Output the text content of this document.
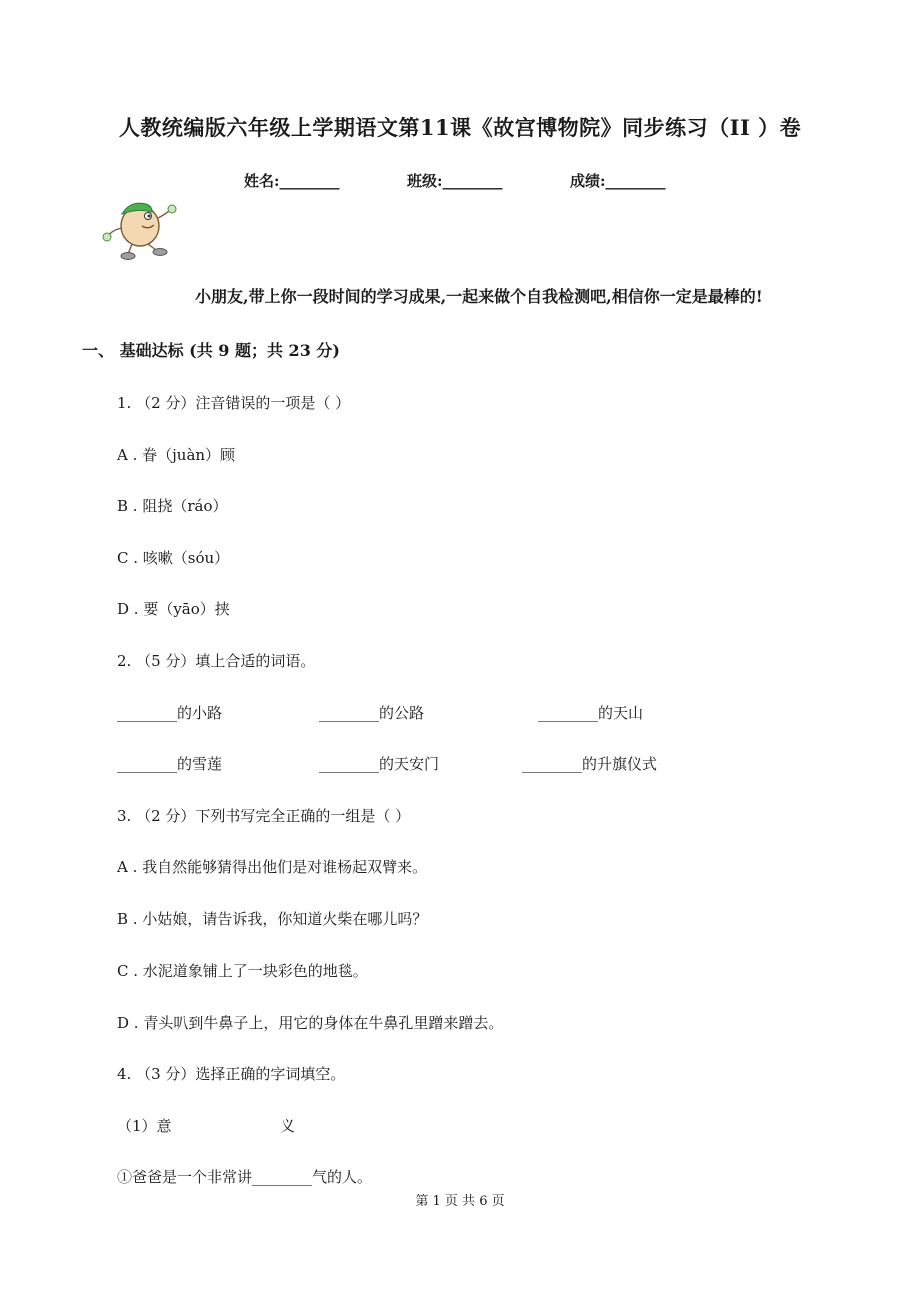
人教统编版六年级上学期语文第11课《故宫博物院》同步练习（II ）卷
姓名:________	班级:________	成绩:________
小朋友,带上你一段时间的学习成果,一起来做个自我检测吧,相信你一定是最棒的!
一、 基础达标 (共 9 题；共 23 分)
1. （2 分）注音错误的一项是（ ）
A . 眷（juàn）顾
B . 阻挠（ráo）
C . 咳嗽（sóu）
D . 要（yāo）挟
2. （5 分）填上合适的词语。
________的小路	________的公路	________的天山
________的雪莲	________的天安门	________的升旗仪式
3. （2 分）下列书写完全正确的一组是（ ）
A . 我自然能够猜得出他们是对谁杨起双臂来。
B . 小姑娘，请告诉我，你知道火柴在哪儿吗？
C . 水泥道象铺上了一块彩色的地毯。
D . 青头叭到牛鼻子上，用它的身体在牛鼻孔里蹭来蹭去。
4. （3 分）选择正确的字词填空。
（1）意	义
①爸爸是一个非常讲________气的人。
第 1 页 共 6 页
